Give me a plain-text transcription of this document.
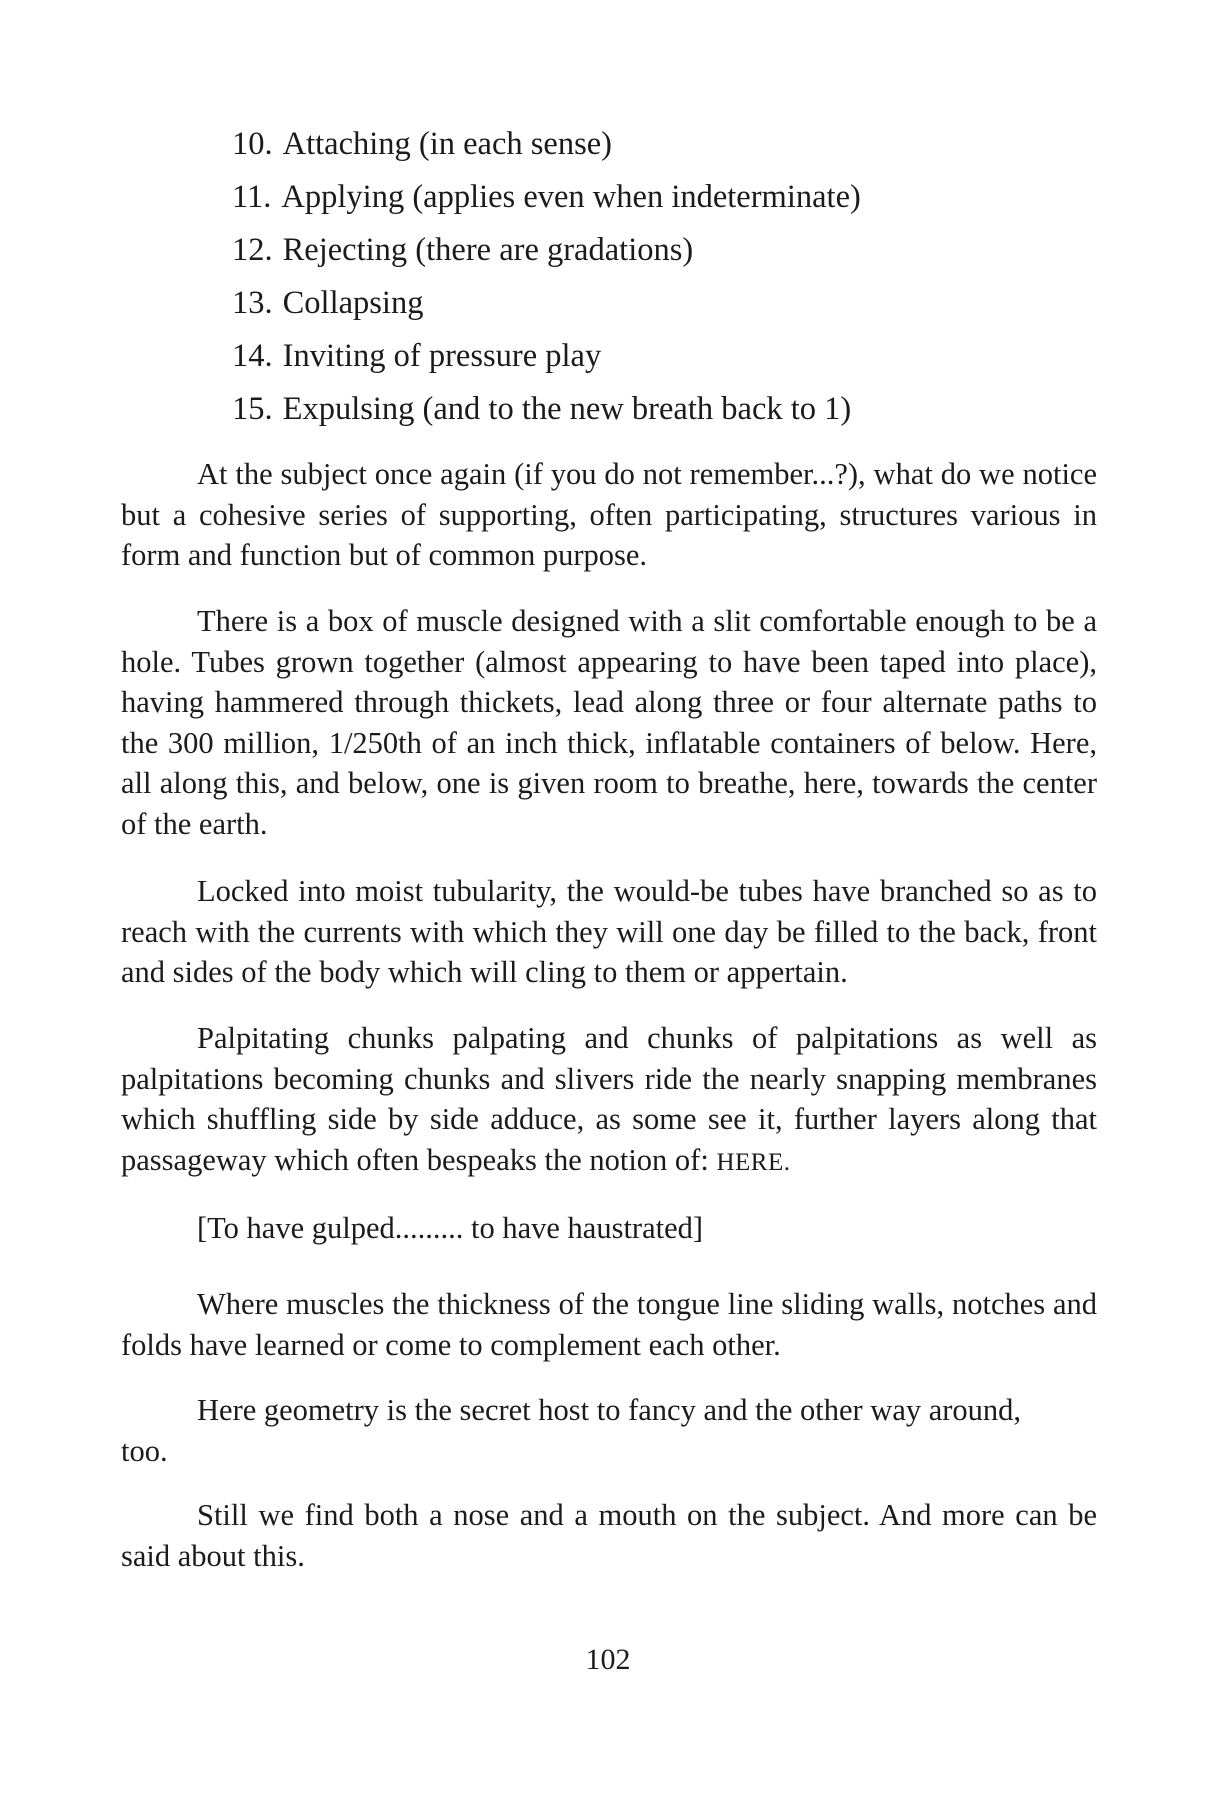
10. Attaching (in each sense)
11. Applying (applies even when indeterminate)
12. Rejecting (there are gradations)
13. Collapsing
14. Inviting of pressure play
15. Expulsing (and to the new breath back to 1)

At the subject once again (if you do not remember...?), what do we notice but a cohesive series of supporting, often participating, structures various in form and function but of common purpose.

There is a box of muscle designed with a slit comfortable enough to be a hole. Tubes grown together (almost appearing to have been taped into place), having hammered through thickets, lead along three or four alternate paths to the 300 million, 1/250th of an inch thick, inflatable containers of below. Here, all along this, and below, one is given room to breathe, here, towards the center of the earth.

Locked into moist tubularity, the would-be tubes have branched so as to reach with the currents with which they will one day be filled to the back, front and sides of the body which will cling to them or appertain.

Palpitating chunks palpating and chunks of palpitations as well as palpitations becoming chunks and slivers ride the nearly snapping membranes which shuffling side by side adduce, as some see it, further layers along that passageway which often bespeaks the notion of: HERE.

[To have gulped......... to have haustrated]

Where muscles the thickness of the tongue line sliding walls, notches and folds have learned or come to complement each other.

Here geometry is the secret host to fancy and the other way around,
too.

Still we find both a nose and a mouth on the subject. And more can be said about this.

102
